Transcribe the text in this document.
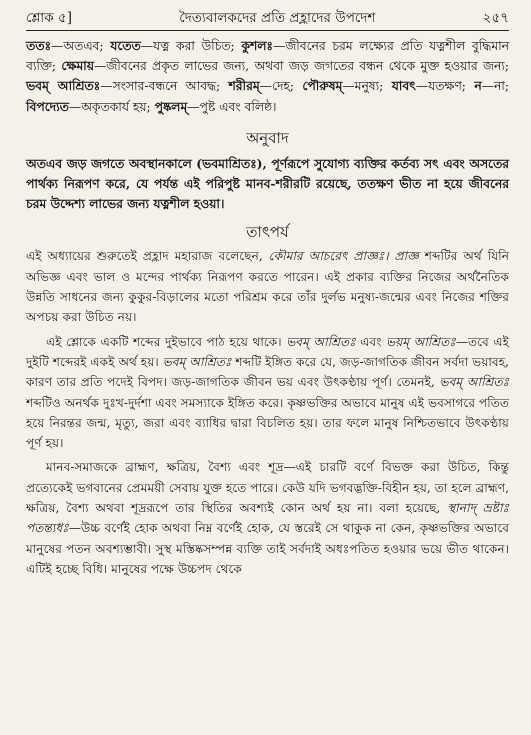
শ্লোক ৫]	দৈত্যবালকদের প্রতি প্রহ্লাদের উপদেশ	২৫৭

ততঃ—অতএব; যতেত—যত্ন করা উচিত; কুশলঃ—জীবনের চরম লক্ষ্যের প্রতি যত্নশীল বুদ্ধিমান ব্যক্তি; ক্ষেমায়—জীবনের প্রকৃত লাভের জন্য, অথবা জড় জগতের বন্ধন থেকে মুক্ত হওয়ার জন্য; ভবম্ আশ্রিতঃ—সংসার-বন্ধনে আবদ্ধ; শরীরম্—দেহ; পৌরুষম্—মনুষ্য; যাবৎ—যতক্ষণ; ন—না; বিপদ্যেত—অকৃতকার্য হয়; পুষ্কলম্—পুষ্ট এবং বলিষ্ঠ।

অনুবাদ

অতএব জড় জগতে অবস্থানকালে (ভবমাশ্রিতঃ), পূর্ণরূপে সুযোগ্য ব্যক্তির কর্তব্য সৎ এবং অসতের পার্থক্য নিরূপণ করে, যে পর্যন্ত এই পরিপুষ্ট মানব-শরীরটি রয়েছে, ততক্ষণ ভীত না হয়ে জীবনের চরম উদ্দেশ্য লাভের জন্য যত্নশীল হওয়া।

তাৎপর্য

এই অধ্যায়ের শুরুতেই প্রহ্লাদ মহারাজ বলেছেন, কৌমার আচরেৎ প্রাজ্ঞঃ। প্রাজ্ঞ শব্দটির অর্থ যিনি অভিজ্ঞ এবং ভাল ও মন্দের পার্থক্য নিরূপণ করতে পারেন। এই প্রকার ব্যক্তির নিজের অর্থনৈতিক উন্নতি সাধনের জন্য কুকুর-বিড়ালের মতো পরিশ্রম করে তাঁর দুর্লভ মনুষ্য-জন্মের এবং নিজের শক্তির অপচয় করা উচিত নয়।

এই শ্লোকে একটি শব্দের দুইভাবে পাঠ হয়ে থাকে। ভবম্ আশ্রিতঃ এবং ভয়ম্ আশ্রিতঃ—তবে এই দুইটি শব্দেরই একই অর্থ হয়। ভবম্ আশ্রিতঃ শব্দটি ইঙ্গিত করে যে, জড়-জাগতিক জীবন সর্বদা ভয়াবহ, কারণ তার প্রতি পদেই বিপদ। জড়-জাগতিক জীবন ভয় এবং উৎকণ্ঠায় পূর্ণ। তেমনই, ভবম্ আশ্রিতঃ শব্দটিও অনর্থক দুঃখ-দুর্দশা এবং সমস্যাকে ইঙ্গিত করে। কৃষ্ণভক্তির অভাবে মানুষ এই ভবসাগরে পতিত হয়ে নিরন্তর জন্ম, মৃত্যু, জরা এবং ব্যাধির দ্বারা বিচলিত হয়। তার ফলে মানুষ নিশ্চিতভাবে উৎকণ্ঠায় পূর্ণ হয়।

মানব-সমাজকে ব্রাহ্মণ, ক্ষত্রিয়, বৈশ্য এবং শূদ্র—এই চারটি বর্ণে বিভক্ত করা উচিত, কিন্তু প্রত্যেকেই ভগবানের প্রেমময়ী সেবায় যুক্ত হতে পারে। কেউ যদি ভগবদ্ভক্তি-বিহীন হয়, তা হলে ব্রাহ্মণ, ক্ষত্রিয়, বৈশ্য অথবা শূদ্ররূপে তার স্থিতির অবশ্যই কোন অর্থ হয় না। বলা হয়েছে, স্থানাদ্ ভ্রষ্টাঃ পতন্ত্যধঃ—উচ্চ বর্ণেই হোক অথবা নিম্ন বর্ণেই হোক, যে স্তরেই সে থাকুক না কেন, কৃষ্ণভক্তির অভাবে মানুষের পতন অবশ্যম্ভাবী। সুস্থ মস্তিষ্কসম্পন্ন ব্যক্তি তাই সর্বদাই অধঃপতিত হওয়ার ভয়ে ভীত থাকেন। এটিই হচ্ছে বিধি। মানুষের পক্ষে উচ্চপদ থেকে
